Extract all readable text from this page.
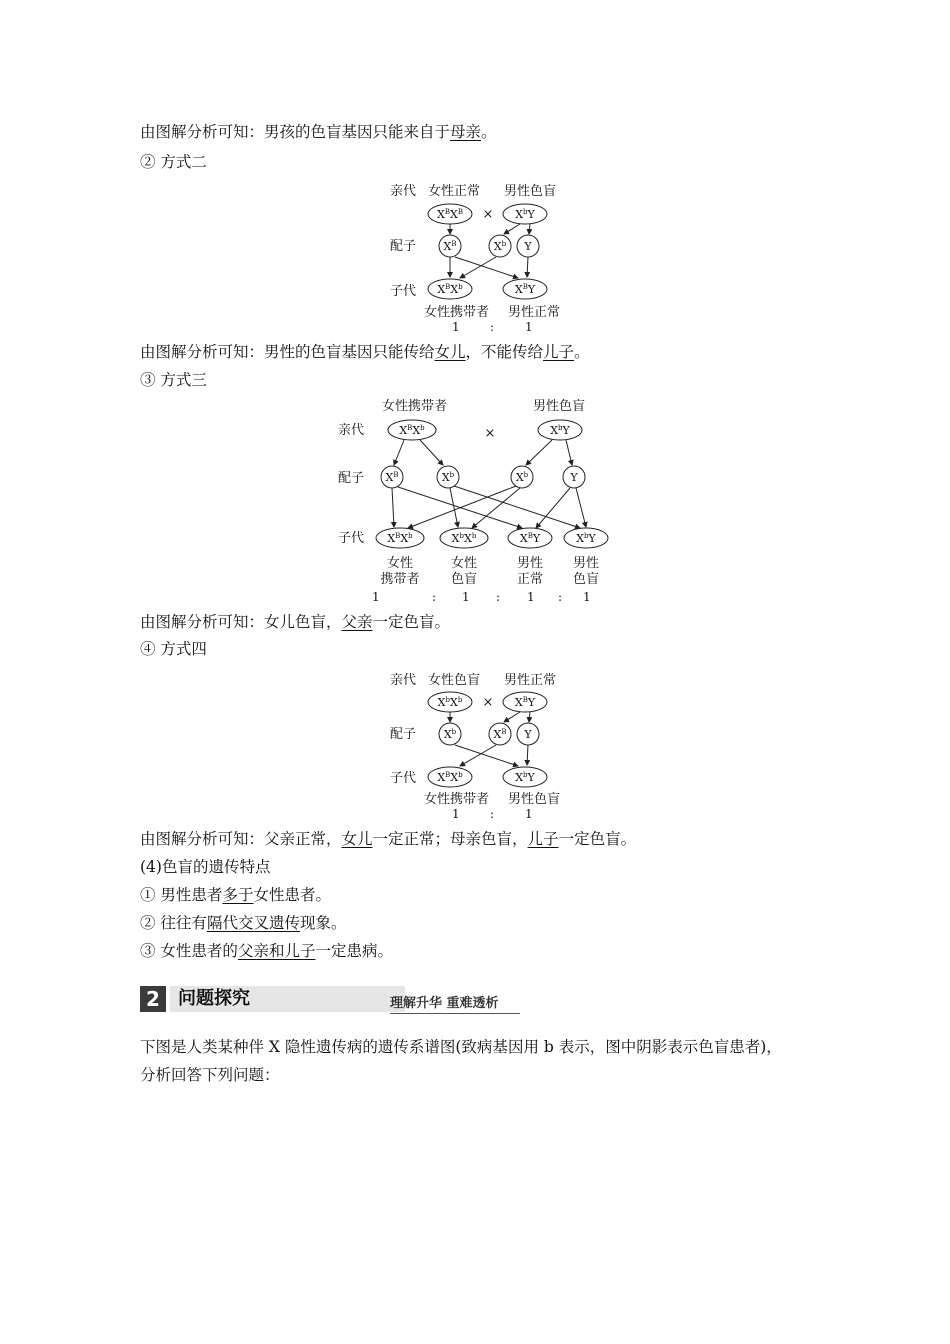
由图解分析可知：男孩的色盲基因只能来自于母亲。
② 方式二
亲代 女性正常 男性色盲
$X^BX^B \times X^bY$
配子 $X^B$	$X^b$ Y
子代 $X^BX^b$	$X^BY$
女性携带者 男性正常
1	:	1
由图解分析可知：男性的色盲基因只能传给女儿，不能传给儿子。
③ 方式三
女性携带者	男性色盲
亲代	$X^BX^b$	×	$X^bY$
配子 $X^B$	$X^b$	$X^b$	Y
子代 $X^BX^b$	$X^bX^b$	$X^BY$	$X^bY$
女性
携带者
女性
色盲
男性
正常
男性
色盲
1	: 1 : 1 : 1
由图解分析可知：女儿色盲，父亲一定色盲。
④ 方式四
亲代 女性色盲 男性正常
$X^bX^b \times X^BY$
配子	$X^b$	$X^B$ Y
子代 $X^BX^b$	$X^bY$
女性携带者 男性色盲
1	:	1
由图解分析可知：父亲正常，女儿一定正常；母亲色盲，儿子一定色盲。
(4)色盲的遗传特点
① 男性患者多于女性患者。
② 往往有隔代交叉遗传现象。
③ 女性患者的父亲和儿子一定患病。
2	问题探究	理解升华 重难透析
下图是人类某种伴 X 隐性遗传病的遗传系谱图(致病基因用 b 表示，图中阴影表示色盲患者)，
分析回答下列问题：
